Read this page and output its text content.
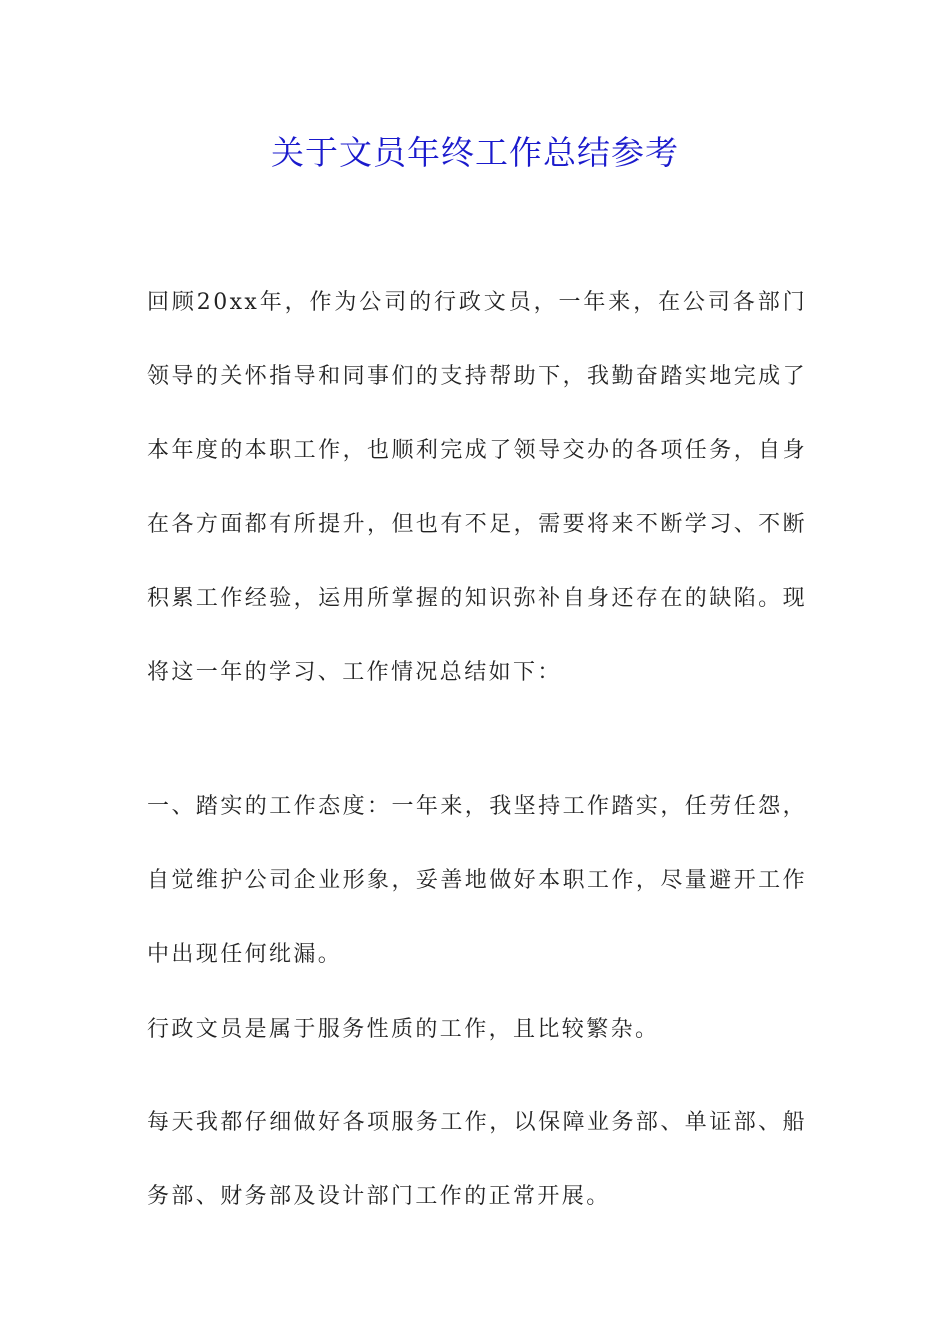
关于文员年终工作总结参考
回顾20xx年，作为公司的行政文员，一年来，在公司各部门领导的关怀指导和同事们的支持帮助下，我勤奋踏实地完成了本年度的本职工作，也顺利完成了领导交办的各项任务，自身在各方面都有所提升，但也有不足，需要将来不断学习、不断积累工作经验，运用所掌握的知识弥补自身还存在的缺陷。现将这一年的学习、工作情况总结如下：
一、踏实的工作态度：一年来，我坚持工作踏实，任劳任怨，自觉维护公司企业形象，妥善地做好本职工作，尽量避开工作中出现任何纰漏。
行政文员是属于服务性质的工作，且比较繁杂。
每天我都仔细做好各项服务工作，以保障业务部、单证部、船务部、财务部及设计部门工作的正常开展。
